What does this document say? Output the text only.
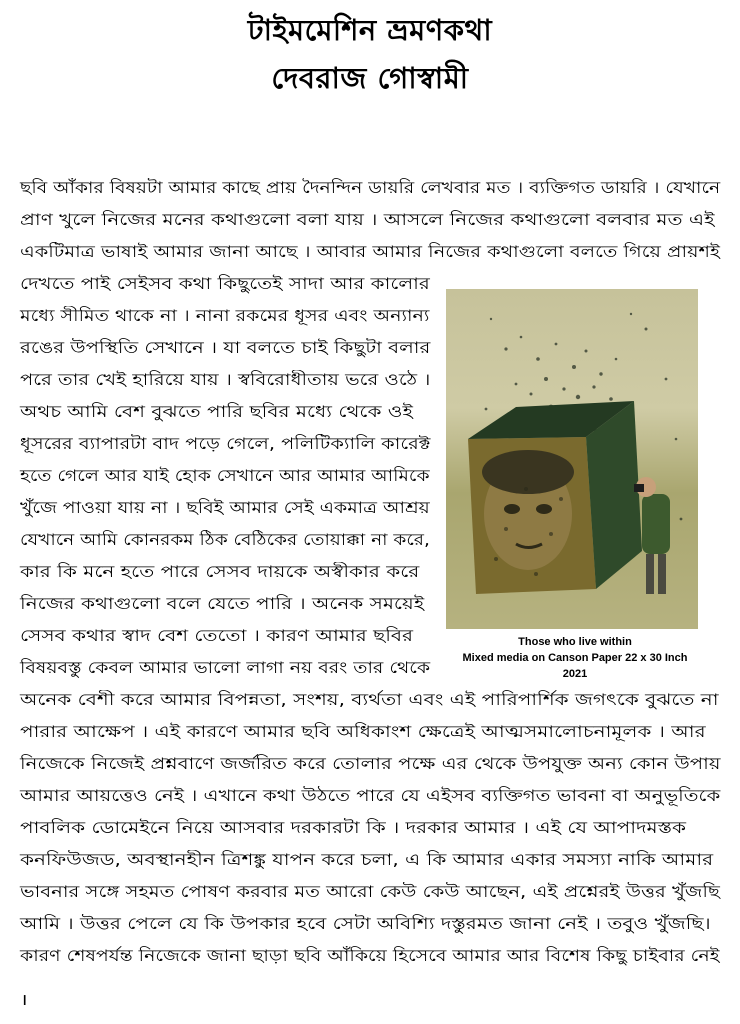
টাইমমেশিন ভ্রমণকথা
দেবরাজ গোস্বামী
ছবি আঁকার বিষয়টা আমার কাছে প্রায় দৈনন্দিন ডায়রি লেখবার মত । ব্যক্তিগত ডায়রি । যেখানে
প্রাণ খুলে নিজের মনের কথাগুলো বলা যায় । আসলে নিজের কথাগুলো বলবার মত এই
একটিমাত্র ভাষাই আমার জানা আছে । আবার আমার নিজের কথাগুলো বলতে গিয়ে প্রায়শই
দেখতে পাই সেইসব কথা কিছুতেই সাদা আর কালোর
মধ্যে সীমিত থাকে না । নানা রকমের ধূসর এবং অন্যান্য
রঙের উপস্থিতি সেখানে । যা বলতে চাই কিছুটা বলার
পরে তার খেই হারিয়ে যায় । স্ববিরোধীতায় ভরে ওঠে ।
অথচ আমি বেশ বুঝতে পারি ছবির মধ্যে থেকে ওই
ধূসরের ব্যাপারটা বাদ পড়ে গেলে, পলিটিক্যালি কারেক্ট
হতে গেলে আর যাই হোক সেখানে আর আমার আমিকে
খুঁজে পাওয়া যায় না । ছবিই আমার সেই একমাত্র আশ্রয়
যেখানে আমি কোনরকম ঠিক বেঠিকের তোয়াক্কা না করে,
কার কি মনে হতে পারে সেসব দায়কে অস্বীকার করে
নিজের কথাগুলো বলে যেতে পারি । অনেক সময়েই
সেসব কথার স্বাদ বেশ তেতো । কারণ আমার ছবির
বিষয়বস্তু কেবল আমার ভালো লাগা নয় বরং তার থেকে
অনেক বেশী করে আমার বিপন্নতা, সংশয়, ব্যর্থতা এবং এই পারিপার্শিক জগৎকে বুঝতে না
পারার আক্ষেপ । এই কারণে আমার ছবি অধিকাংশ ক্ষেত্রেই আত্মসমালোচনামূলক । আর
নিজেকে নিজেই প্রশ্নবাণে জর্জরিত করে তোলার পক্ষে এর থেকে উপযুক্ত অন্য কোন উপায়
আমার আয়ত্তেও নেই । এখানে কথা উঠতে পারে যে এইসব ব্যক্তিগত ভাবনা বা অনুভূতিকে
পাবলিক ডোমেইনে নিয়ে আসবার দরকারটা কি । দরকার আমার । এই যে আপাদমস্তক
কনফিউজড, অবস্থানহীন ত্রিশঙ্কু যাপন করে চলা, এ কি আমার একার সমস্যা নাকি আমার
ভাবনার সঙ্গে সহমত পোষণ করবার মত আরো কেউ কেউ আছেন, এই প্রশ্নেরই উত্তর খুঁজছি
আমি । উত্তর পেলে যে কি উপকার হবে সেটা অবিশ্যি দস্তুরমত জানা নেই । তবুও খুঁজছি।
কারণ শেষপর্যন্ত নিজেকে জানা ছাড়া ছবি আঁকিয়ে হিসেবে আমার আর বিশেষ কিছু চাইবার নেই
।
Those who live within
Mixed media on Canson Paper 22 x 30 Inch
2021
